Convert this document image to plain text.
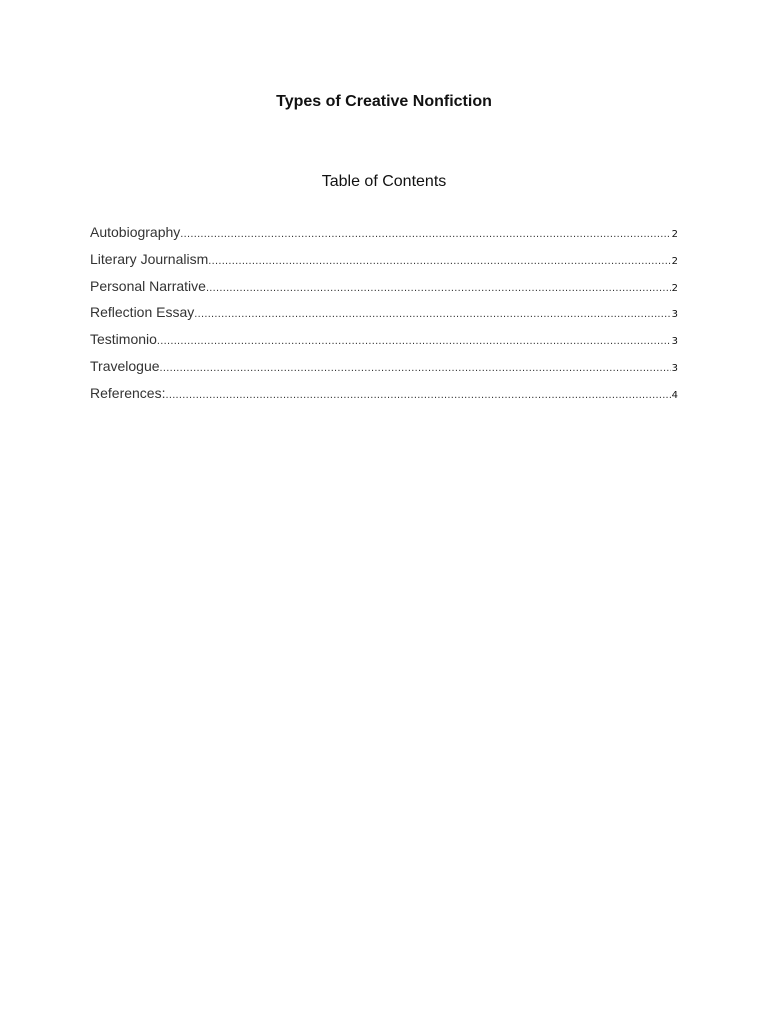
Types of Creative Nonfiction
Table of Contents
Autobiography .....	2
Literary Journalism .....	2
Personal Narrative .....	2
Reflection Essay .....	3
Testimonio .....	3
Travelogue .....	3
References: .....	4
